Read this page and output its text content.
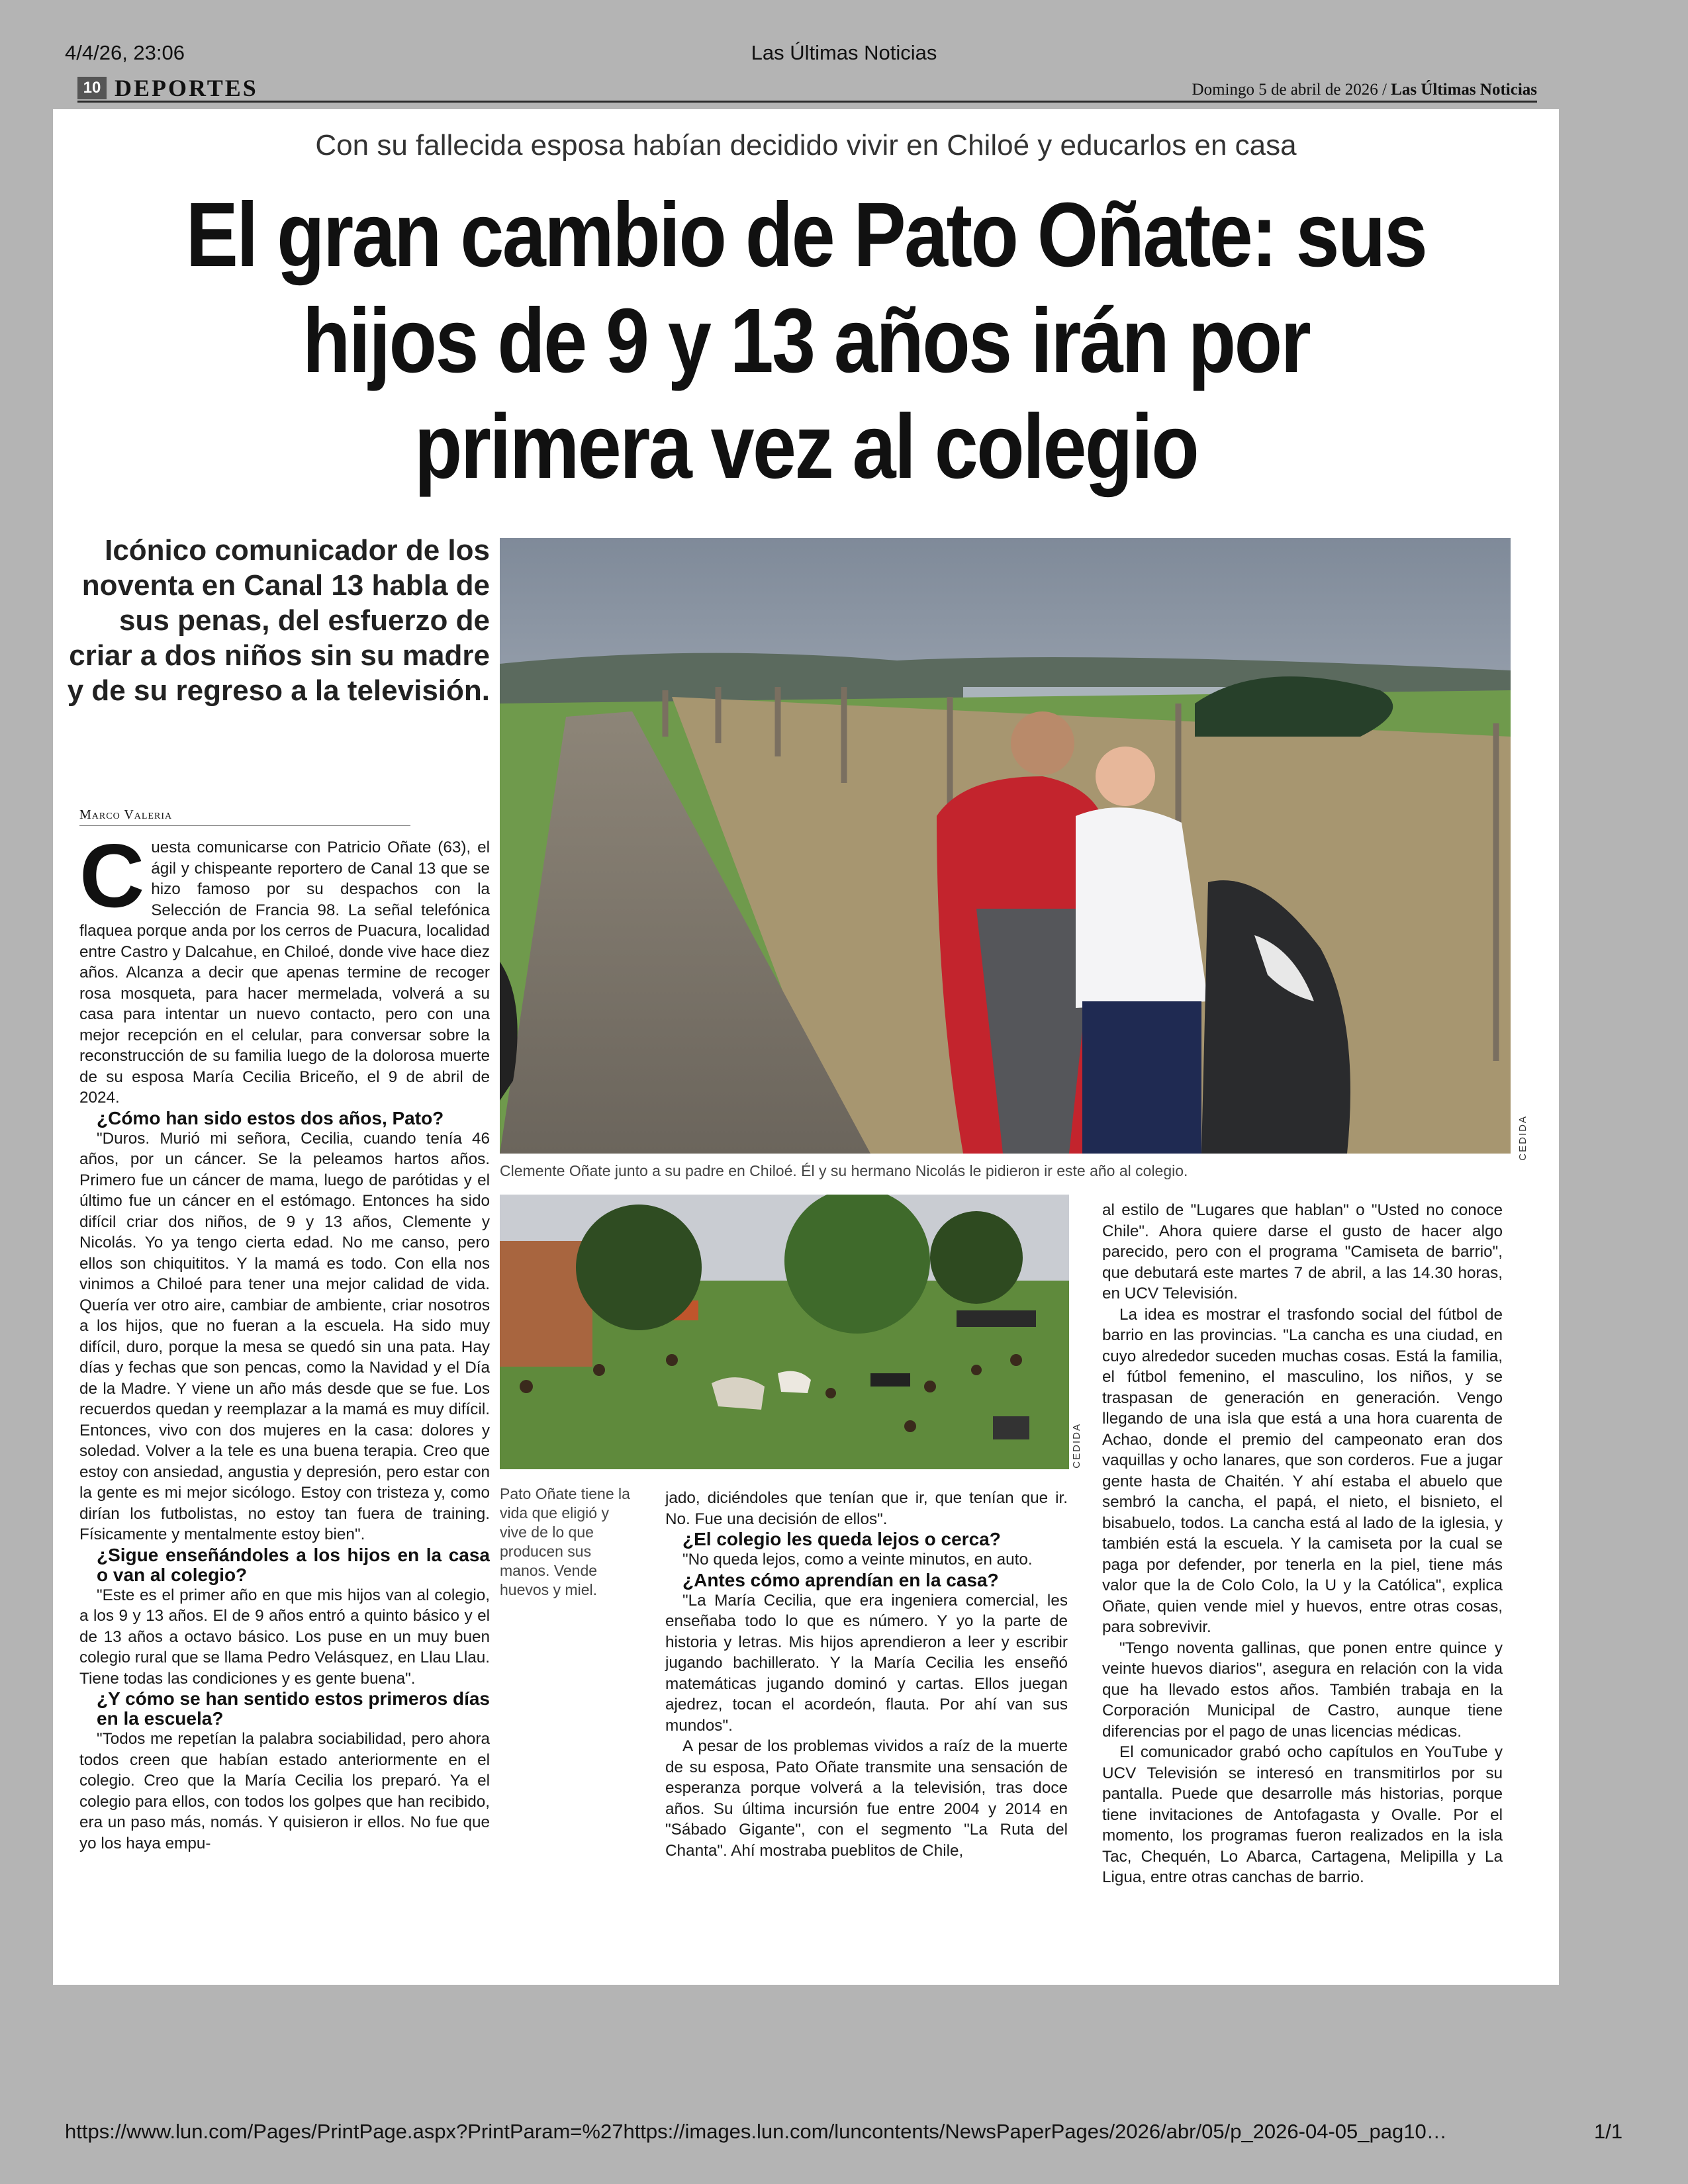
4/4/26, 23:06	Las Últimas Noticias
https://www.lun.com/Pages/PrintPage.aspx?PrintParam=%27https://images.lun.com/luncontents/NewsPaperPages/2026/abr/05/p_2026-04-05_pag10…	1/1
10 DEPORTES	Domingo 5 de abril de 2026 / Las Últimas Noticias
Con su fallecida esposa habían decidido vivir en Chiloé y educarlos en casa
El gran cambio de Pato Oñate: sus hijos de 9 y 13 años irán por primera vez al colegio
Icónico comunicador de los noventa en Canal 13 habla de sus penas, del esfuerzo de criar a dos niños sin su madre y de su regreso a la televisión.
Marco Valeria

Cuesta comunicarse con Patricio Oñate (63), el ágil y chispeante reportero de Canal 13 que se hizo famoso por su despachos con la Selección de Francia 98. La señal telefónica flaquea porque anda por los cerros de Puacura, localidad entre Castro y Dalcahue, en Chiloé, donde vive hace diez años. Alcanza a decir que apenas termine de recoger rosa mosqueta, para hacer mermelada, volverá a su casa para intentar un nuevo contacto, pero con una mejor recepción en el celular, para conversar sobre la reconstrucción de su familia luego de la dolorosa muerte de su esposa María Cecilia Briceño, el 9 de abril de 2024.

¿Cómo han sido estos dos años, Pato?

"Duros. Murió mi señora, Cecilia, cuando tenía 46 años, por un cáncer. Se la peleamos hartos años. Primero fue un cáncer de mama, luego de parótidas y el último fue un cáncer en el estómago. Entonces ha sido difícil criar dos niños, de 9 y 13 años, Clemente y Nicolás. Yo ya tengo cierta edad. No me canso, pero ellos son chiquititos. Y la mamá es todo. Con ella nos vinimos a Chiloé para tener una mejor calidad de vida. Quería ver otro aire, cambiar de ambiente, criar nosotros a los hijos, que no fueran a la escuela. Ha sido muy difícil, duro, porque la mesa se quedó sin una pata. Hay días y fechas que son pencas, como la Navidad y el Día de la Madre. Y viene un año más desde que se fue. Los recuerdos quedan y reemplazar a la mamá es muy difícil. Entonces, vivo con dos mujeres en la casa: dolores y soledad. Volver a la tele es una buena terapia. Creo que estoy con ansiedad, angustia y depresión, pero estar con la gente es mi mejor sicólogo. Estoy con tristeza y, como dirían los futbolistas, no estoy tan fuera de training. Físicamente y mentalmente estoy bien".

¿Sigue enseñándoles a los hijos en la casa o van al colegio?

"Este es el primer año en que mis hijos van al colegio, a los 9 y 13 años. El de 9 años entró a quinto básico y el de 13 años a octavo básico. Los puse en un muy buen colegio rural que se llama Pedro Velásquez, en Llau Llau. Tiene todas las condiciones y es gente buena".

¿Y cómo se han sentido estos primeros días en la escuela?

"Todos me repetían la palabra sociabilidad, pero ahora todos creen que habían estado anteriormente en el colegio. Creo que la María Cecilia los preparó. Ya el colegio para ellos, con todos los golpes que han recibido, era un paso más, nomás. Y quisieron ir ellos. No fue que yo los haya empu-

CEDIDA
Clemente Oñate junto a su padre en Chiloé. Él y su hermano Nicolás le pidieron ir este año al colegio.
CEDIDA
Pato Oñate tiene la vida que eligió y vive de lo que producen sus manos. Vende huevos y miel.

jado, diciéndoles que tenían que ir, que tenían que ir. No. Fue una decisión de ellos".

¿El colegio les queda lejos o cerca?

"No queda lejos, como a veinte minutos, en auto.

¿Antes cómo aprendían en la casa?

"La María Cecilia, que era ingeniera comercial, les enseñaba todo lo que es número. Y yo la parte de historia y letras. Mis hijos aprendieron a leer y escribir jugando bachillerato. Y la María Cecilia les enseñó matemáticas jugando dominó y cartas. Ellos juegan ajedrez, tocan el acordeón, flauta. Por ahí van sus mundos".

A pesar de los problemas vividos a raíz de la muerte de su esposa, Pato Oñate transmite una sensación de esperanza porque volverá a la televisión, tras doce años. Su última incursión fue entre 2004 y 2014 en "Sábado Gigante", con el segmento "La Ruta del Chanta". Ahí mostraba pueblitos de Chile,

al estilo de "Lugares que hablan" o "Usted no conoce Chile". Ahora quiere darse el gusto de hacer algo parecido, pero con el programa "Camiseta de barrio", que debutará este martes 7 de abril, a las 14.30 horas, en UCV Televisión.

La idea es mostrar el trasfondo social del fútbol de barrio en las provincias. "La cancha es una ciudad, en cuyo alrededor suceden muchas cosas. Está la familia, el fútbol femenino, el masculino, los niños, y se traspasan de generación en generación. Vengo llegando de una isla que está a una hora cuarenta de Achao, donde el premio del campeonato eran dos vaquillas y ocho lanares, que son corderos. Fue a jugar gente hasta de Chaitén. Y ahí estaba el abuelo que sembró la cancha, el papá, el nieto, el bisnieto, el bisabuelo, todos. La cancha está al lado de la iglesia, y también está la escuela. Y la camiseta por la cual se paga por defender, por tenerla en la piel, tiene más valor que la de Colo Colo, la U y la Católica", explica Oñate, quien vende miel y huevos, entre otras cosas, para sobrevivir.

"Tengo noventa gallinas, que ponen entre quince y veinte huevos diarios", asegura en relación con la vida que ha llevado estos años. También trabaja en la Corporación Municipal de Castro, aunque tiene diferencias por el pago de unas licencias médicas.

El comunicador grabó ocho capítulos en YouTube y UCV Televisión se interesó en transmitirlos por su pantalla. Puede que desarrolle más historias, porque tiene invitaciones de Antofagasta y Ovalle. Por el momento, los programas fueron realizados en la isla Tac, Chequén, Lo Abarca, Cartagena, Melipilla y La Ligua, entre otras canchas de barrio.
